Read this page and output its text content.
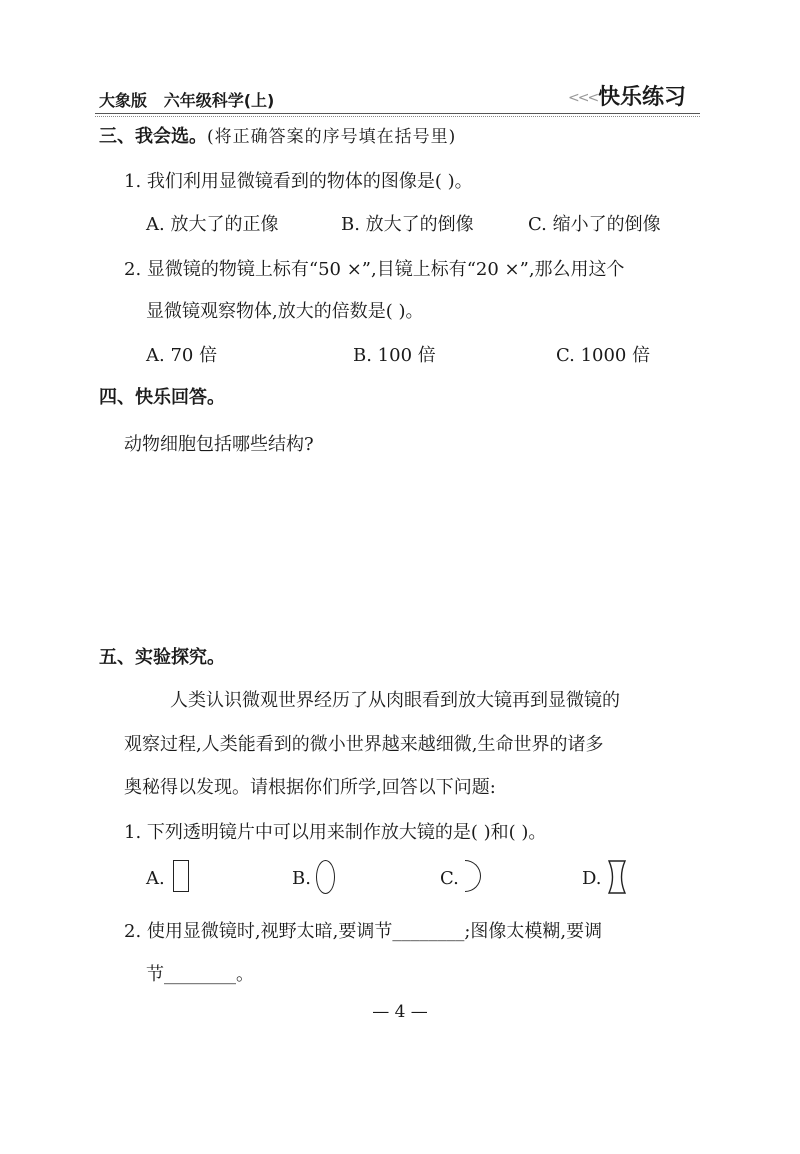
大象版   六年级科学(上)	<<< 快乐练习
三、我会选。(将正确答案的序号填在括号里)
1. 我们利用显微镜看到的物体的图像是( )。
A. 放大了的正像	B. 放大了的倒像	C. 缩小了的倒像
2. 显微镜的物镜上标有“50 ×”,目镜上标有“20 ×”,那么用这个
显微镜观察物体,放大的倍数是( )。
A. 70 倍	B. 100 倍	C. 1000 倍
四、快乐回答。
动物细胞包括哪些结构?
五、实验探究。
人类认识微观世界经历了从肉眼看到放大镜再到显微镜的
观察过程,人类能看到的微小世界越来越细微,生命世界的诸多
奥秘得以发现。请根据你们所学,回答以下问题:
1. 下列透明镜片中可以用来制作放大镜的是( )和( )。
A.	B.	C.	D.
2. 使用显微镜时,视野太暗,要调节________;图像太模糊,要调
节________。
— 4 —
